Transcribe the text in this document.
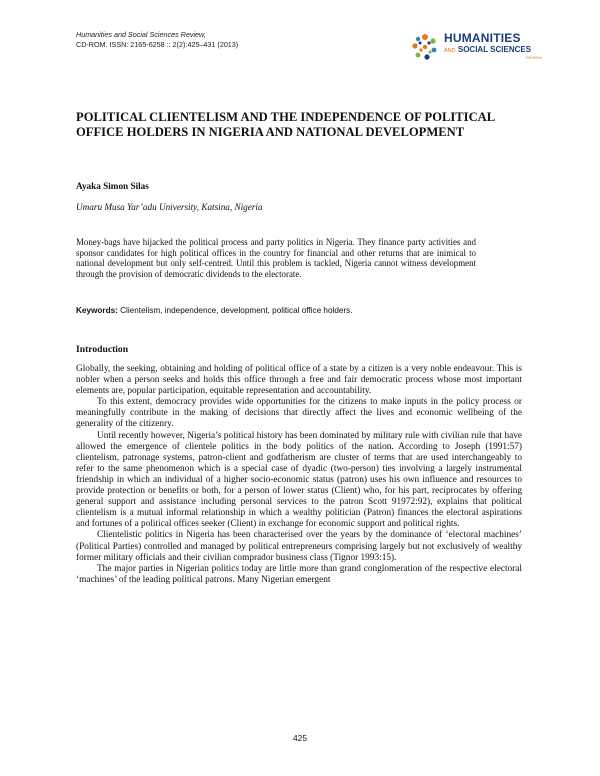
Humanities and Social Sciences Review,
CD-ROM. ISSN: 2165-6258 :: 2(2):425–431 (2013)	HUMANITIES
AND SOCIAL SCIENCES
REVIEW
POLITICAL CLIENTELISM AND THE INDEPENDENCE OF POLITICAL OFFICE HOLDERS IN NIGERIA AND NATIONAL DEVELOPMENT
Ayaka Simon Silas
Umaru Musa Yar’adu University, Katsina, Nigeria

Money-bags have hijacked the political process and party politics in Nigeria. They finance party activities and sponsor candidates for high political offices in the country for financial and other returns that are inimical to national development but only self-centred. Until this problem is tackled, Nigeria cannot witness development through the provision of democratic dividends to the electorate.

Keywords: Clientelism, independence, development, political office holders.

Introduction

Globally, the seeking, obtaining and holding of political office of a state by a citizen is a very noble endeavour. This is nobler when a person seeks and holds this office through a free and fair democratic process whose most important elements are, popular participation, equitable representation and accountability.

To this extent, democracy provides wide opportunities for the citizens to make inputs in the policy process or meaningfully contribute in the making of decisions that directly affect the lives and economic wellbeing of the generality of the citizenry.

Until recently however, Nigeria’s political history has been dominated by military rule with civilian rule that have allowed the emergence of clientele politics in the body politics of the nation. According to Joseph (1991:57) clientelism, patronage systems, patron-client and godfatherism are cluster of terms that are used interchangeably to refer to the same phenomenon which is a special case of dyadic (two-person) ties involving a largely instrumental friendship in which an individual of a higher socio-economic status (patron) uses his own influence and resources to provide protection or benefits or both, for a person of lower status (Client) who, for his part, reciprocates by offering general support and assistance including personal services to the patron Scott 91972:92), explains that political clientelism is a mutual informal relationship in which a wealthy politician (Patron) finances the electoral aspirations and fortunes of a political offices seeker (Client) in exchange for economic support and political rights.

Clientelistic politics in Nigeria has been characterised over the years by the dominance of ‘electoral machines’ (Political Parties) controlled and managed by political entrepreneurs comprising largely but not exclusively of wealthy former military officials and their civilian comprador business class (Tignor 1993:15).

The major parties in Nigerian politics today are little more than grand conglomeration of the respective electoral ‘machines’ of the leading political patrons. Many Nigerian emergent

425
